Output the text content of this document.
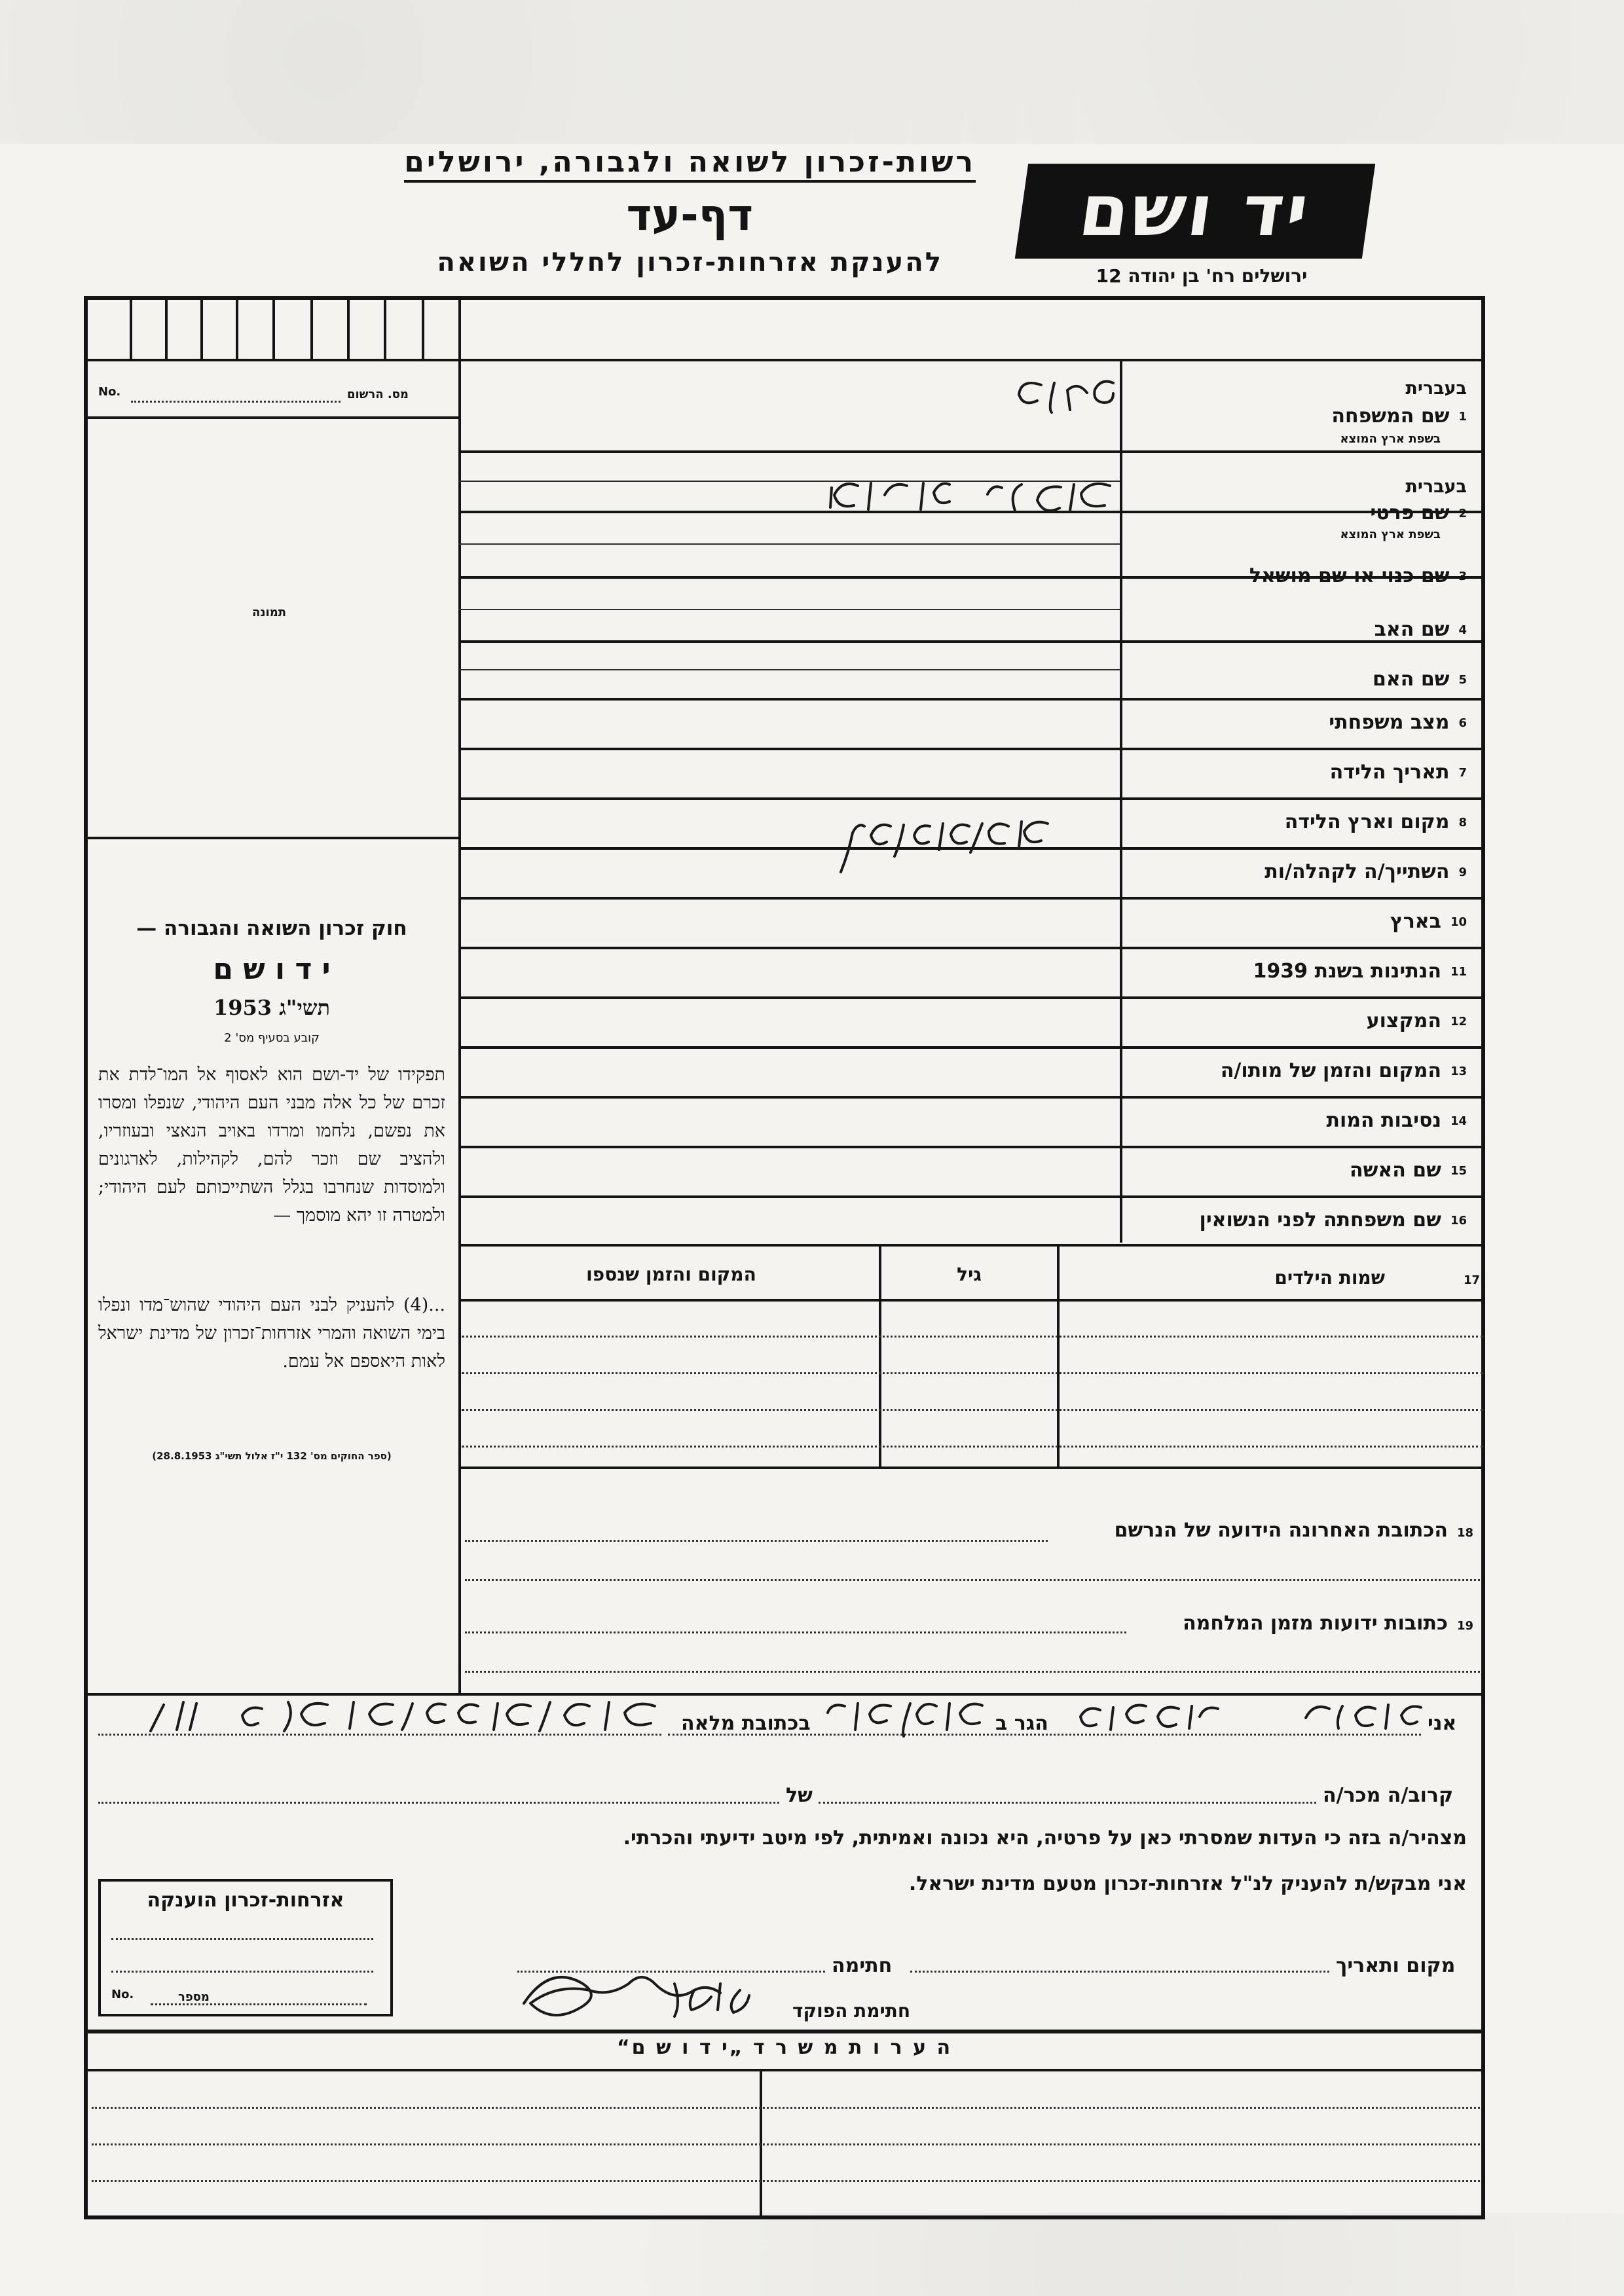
רשות-זכרון לשואה ולגבורה, ירושלים
דף-עד
להענקת אזרחות-זכרון לחללי השואה
יד ושם
ירושלים רח' בן יהודה 12
No.	מס. הרשום
תמונה
חוק זכרון השואה והגבורה —
י ד ו ש ם
תשי"ג 1953
קובע בסעיף מס' 2
תפקידו של יד-ושם הוא לאסוף אל המו־לדת את זכרם של כל אלה מבני העם היהודי, שנפלו ומסרו את נפשם, נלחמו ומרדו באויב הנאצי ובעוזריו, ולהציב שם וזכר להם, לקהילות, לארגונים ולמוסדות שנחרבו בגלל השתייכותם לעם היהודי; ולמטרה זו יהא מוסמך —
...(4) להעניק לבני העם היהודי שהוש־מדו ונפלו בימי השואה והמרי אזרחות־זכרון של מדינת ישראל לאות היאספם אל עמם.
(ספר החוקים מס' 132 י"ז אלול תשי"ג 28.8.1953)
בעברית
1שם המשפחה
בשפת ארץ המוצא
בעברית
2שם פרטי
בשפת ארץ המוצא
3שם כנוי או שם מושאל
4שם האב
5שם האם
6מצב משפחתי
7תאריך הלידה
8מקום וארץ הלידה
9השתייך/ה לקהלה/ות
10בארץ
11הנתינות בשנת 1939
12המקצוע
13המקום והזמן של מותו/ה
14נסיבות המות
15שם האשה
16שם משפחתה לפני הנשואין
17שמות הילדים
גיל
המקום והזמן שנספו
18הכתובת האחרונה הידועה של הנרשם
19כתובות ידועות מזמן המלחמה
אני
הגר ב
בכתובת מלאה
קרוב/ה מכר/ה
של
מצהיר/ה בזה כי העדות שמסרתי כאן על פרטיה, היא נכונה ואמיתית, לפי מיטב ידיעתי והכרתי.
אני מבקש/ת להעניק לנ"ל אזרחות-זכרון מטעם מדינת ישראל.
מקום ותאריך
חתימה
חתימת הפוקד
אזרחות-זכרון הוענקה
No.	מספר
ה ע ר ו ת מ ש ר ד „י ד ו ש ם“
